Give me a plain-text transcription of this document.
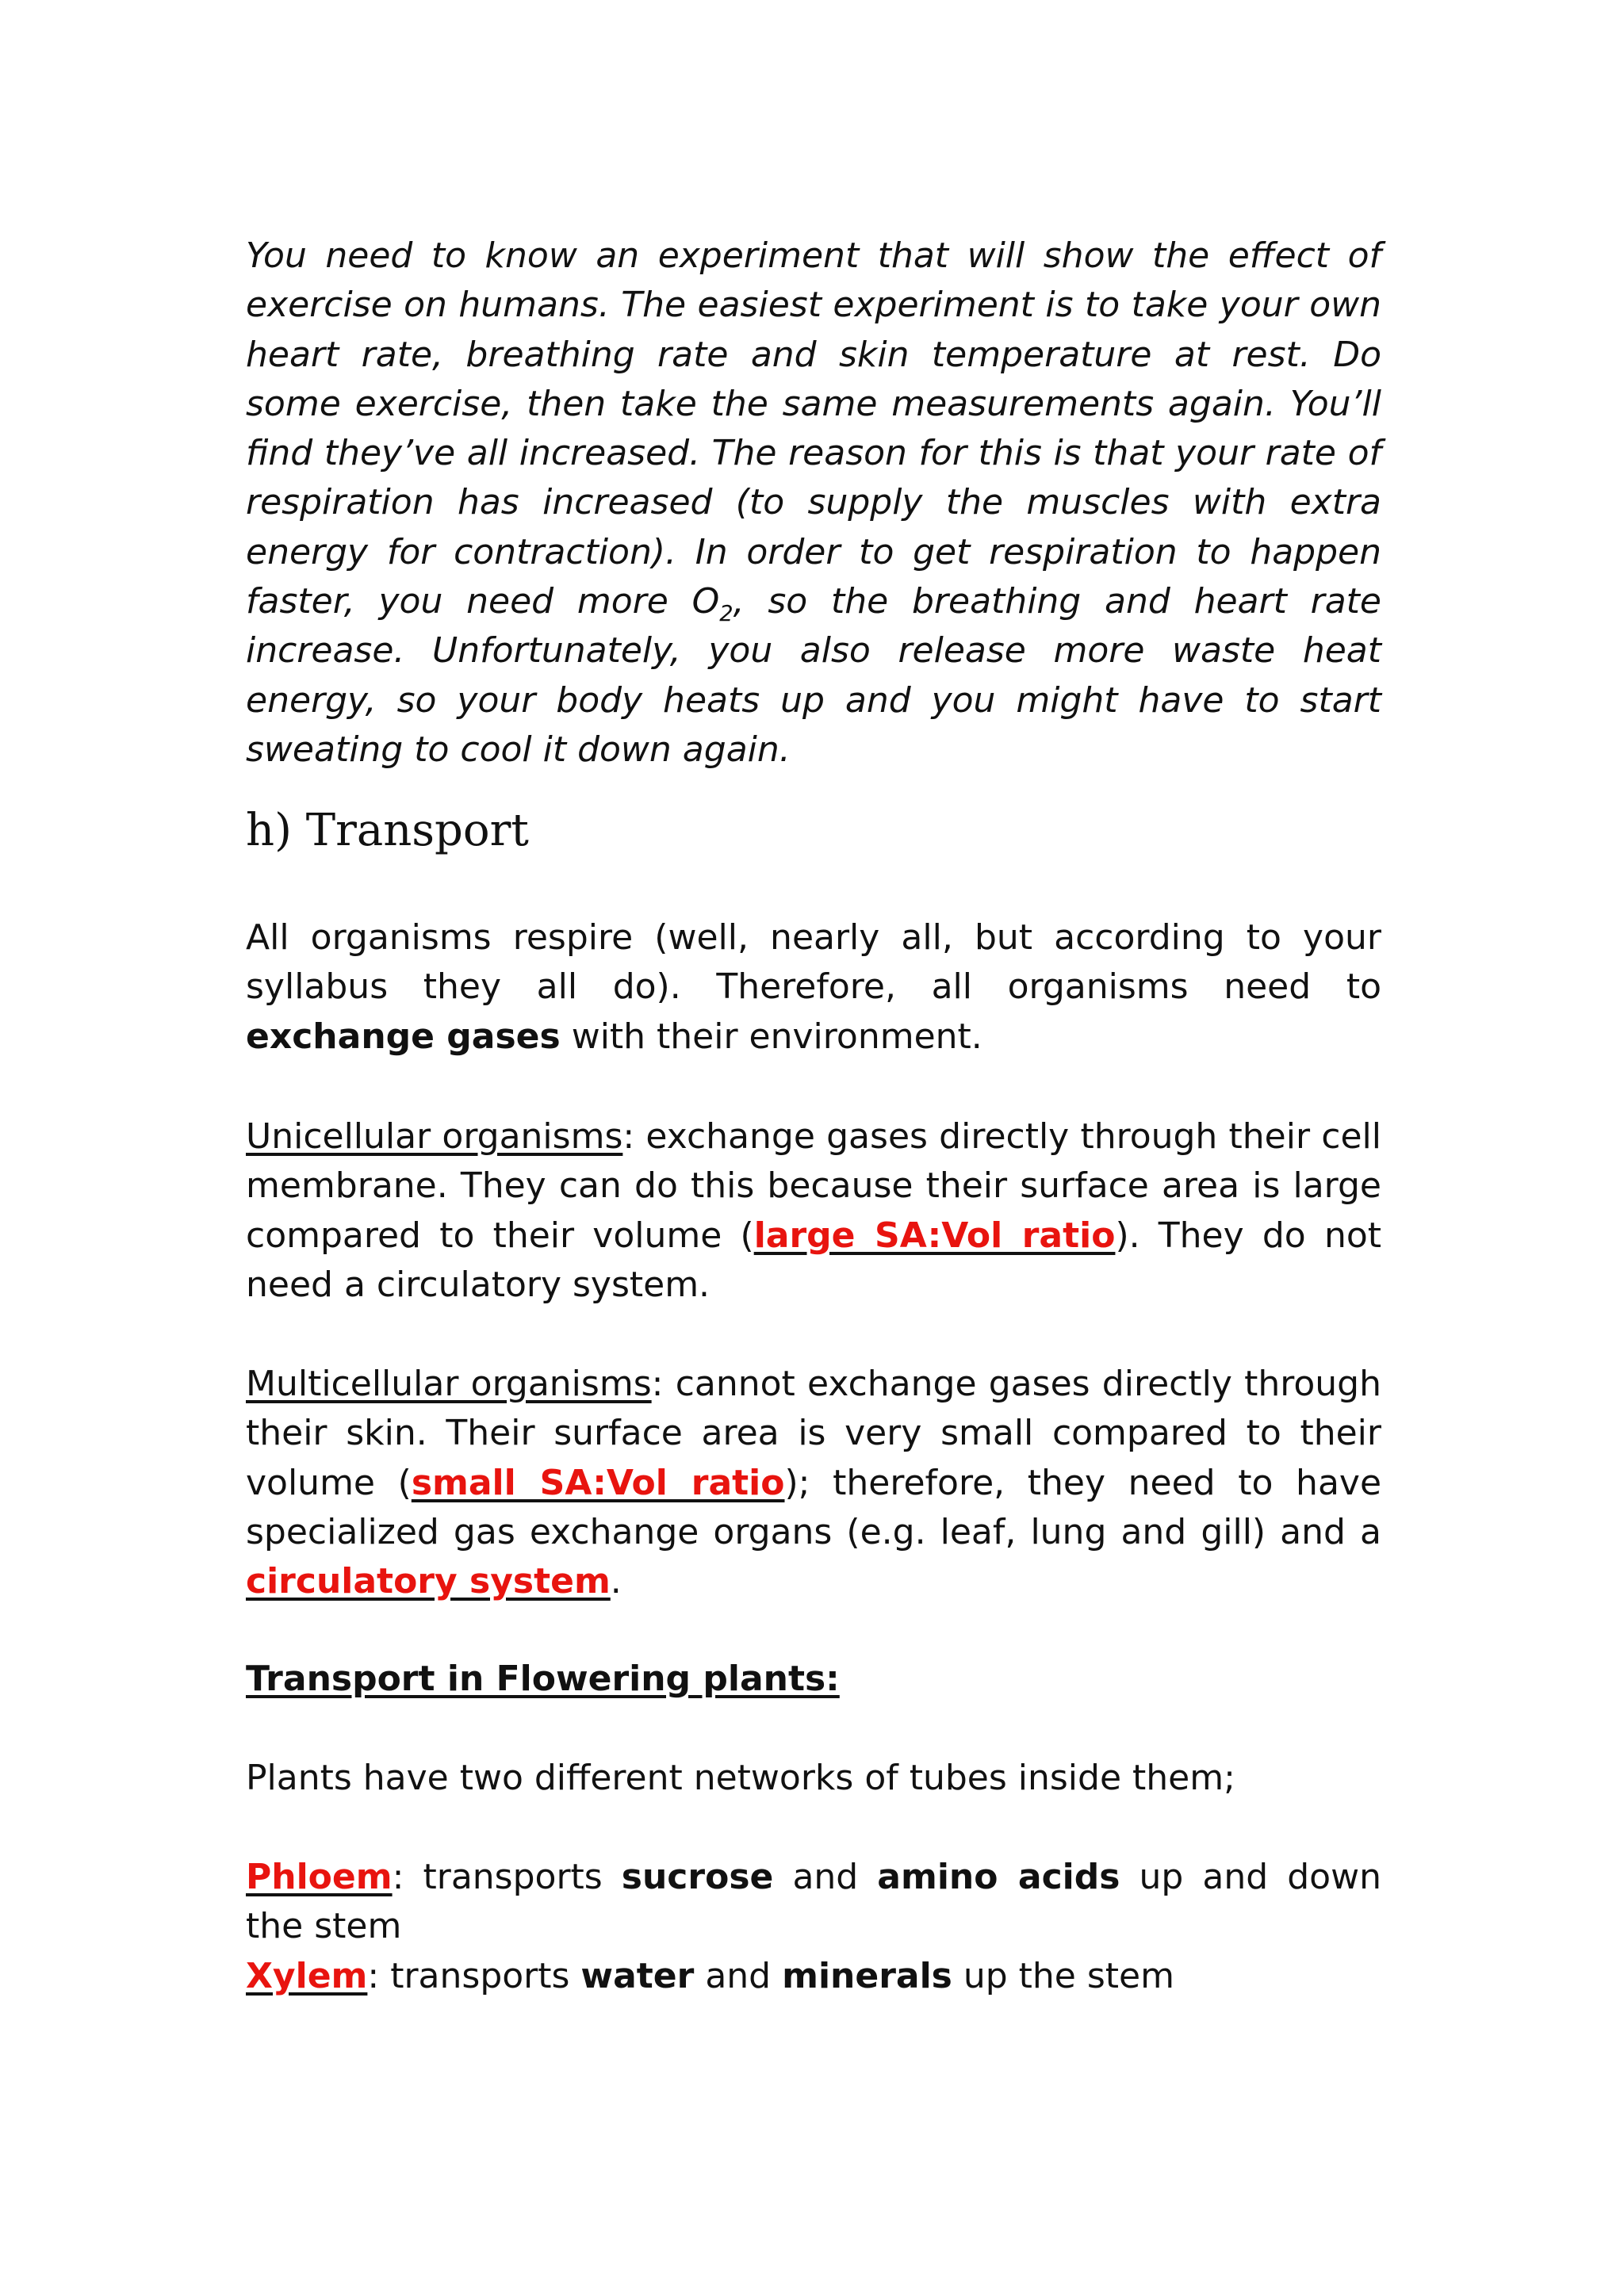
You need to know an experiment that will show the effect of exercise on humans. The easiest experiment is to take your own heart rate, breathing rate and skin temperature at rest. Do some exercise, then take the same measurements again. You’ll find they’ve all increased. The reason for this is that your rate of respiration has increased (to supply the muscles with extra energy for contraction). In order to get respiration to happen faster, you need more $O_2$, so the breathing and heart rate increase. Unfortunately, you also release more waste heat energy, so your body heats up and you might have to start sweating to cool it down again.

h) Transport

All organisms respire (well, nearly all, but according to your syllabus they all do). Therefore, all organisms need to exchange gases with their environment.

Unicellular organisms: exchange gases directly through their cell membrane. They can do this because their surface area is large compared to their volume (large SA:Vol ratio). They do not need a circulatory system.

Multicellular organisms: cannot exchange gases directly through their skin. Their surface area is very small compared to their volume (small SA:Vol ratio); therefore, they need to have specialized gas exchange organs (e.g. leaf, lung and gill) and a circulatory system.

Transport in Flowering plants:

Plants have two different networks of tubes inside them;

Phloem: transports sucrose and amino acids up and down the stem

Xylem: transports water and minerals up the stem
